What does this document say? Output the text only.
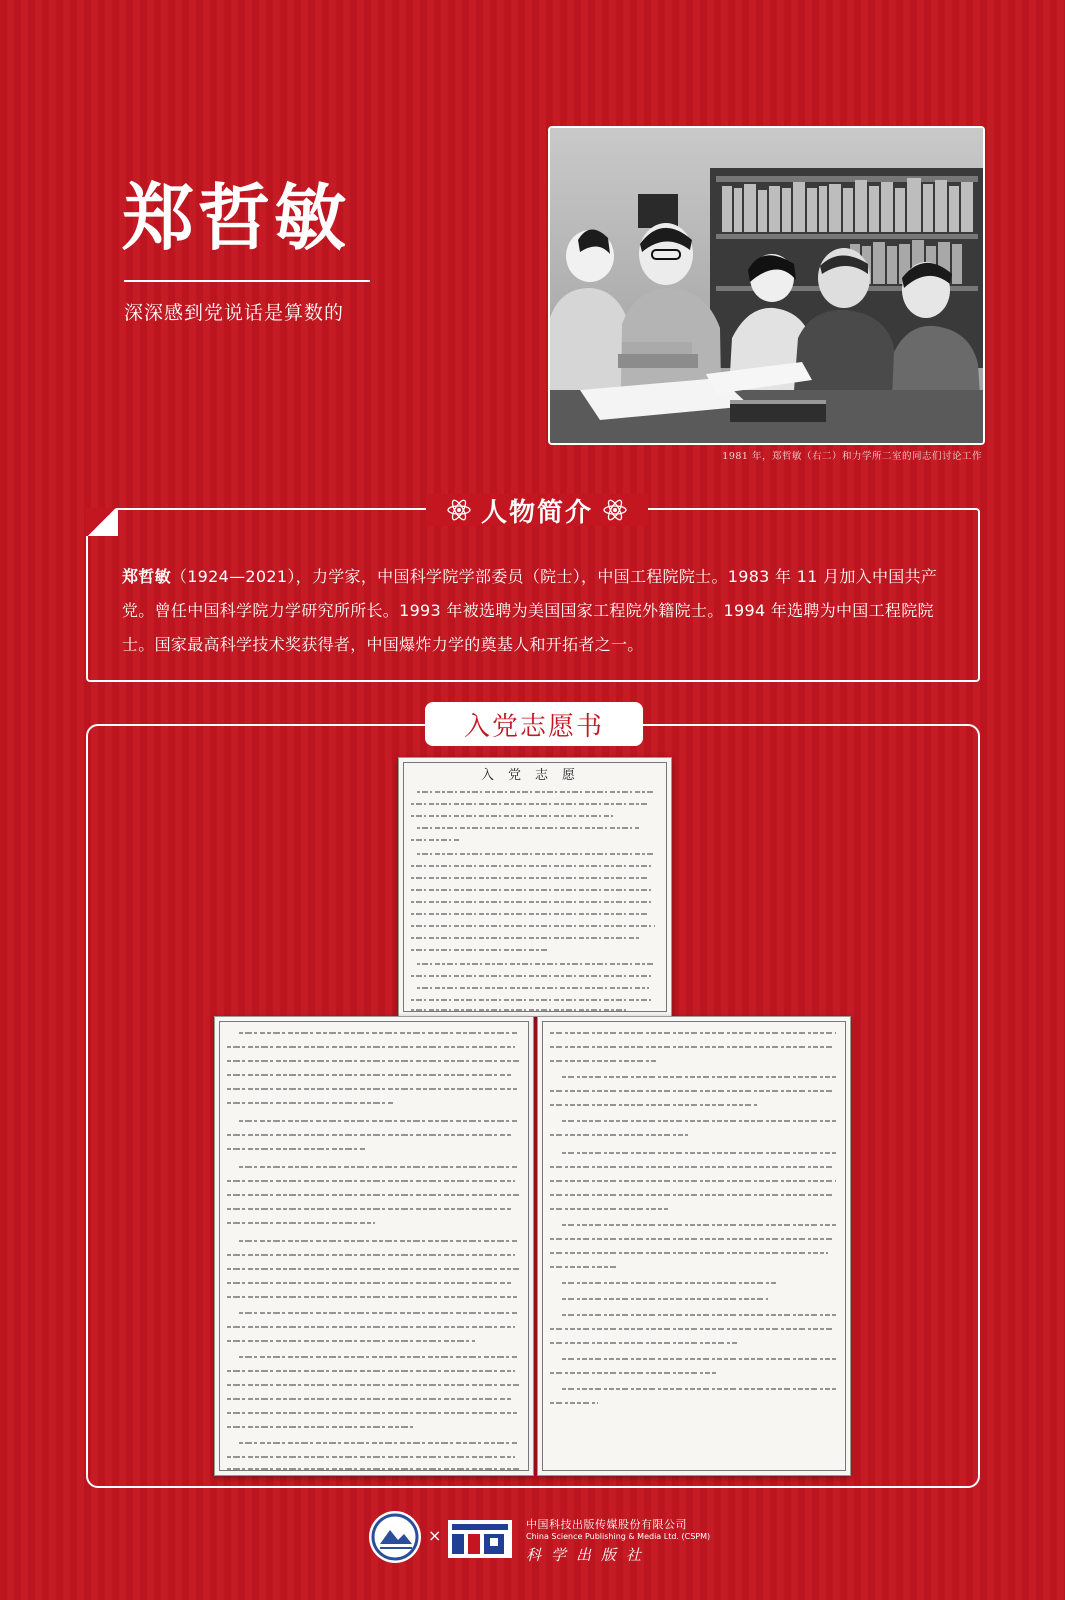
郑哲敏
深深感到党说话是算数的
1981 年，郑哲敏（右二）和力学所二室的同志们讨论工作
人物简介
郑哲敏（1924—2021），力学家，中国科学院学部委员（院士），中国工程院院士。1983 年 11 月加入中国共产党。曾任中国科学院力学研究所所长。1993 年被选聘为美国国家工程院外籍院士。1994 年选聘为中国工程院院士。国家最高科学技术奖获得者，中国爆炸力学的奠基人和开拓者之一。
入党志愿书
入党志愿
×
中国科技出版传媒股份有限公司
China Science Publishing & Media Ltd. (CSPM)
科学出版社
